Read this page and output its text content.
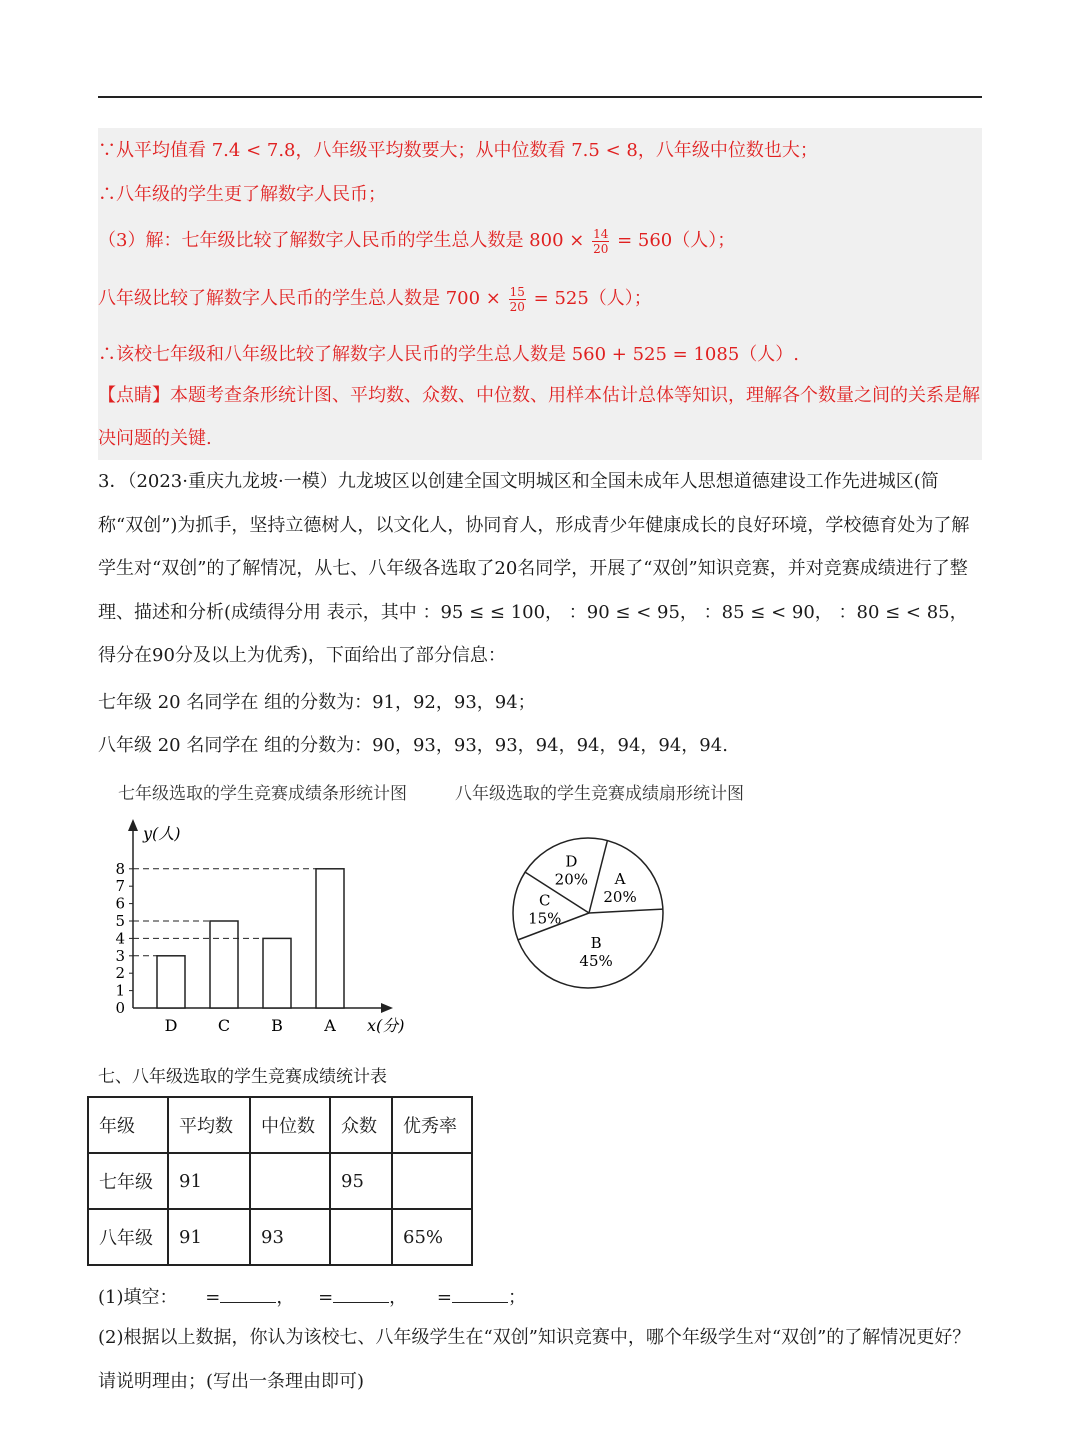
∵从平均值看 7.4 < 7.8，八年级平均数要大；从中位数看 7.5 < 8，八年级中位数也大；
∴八年级的学生更了解数字人民币；
（3）解：七年级比较了解数字人民币的学生总人数是 $800 \times \frac{14}{20} = 560$（人）；
八年级比较了解数字人民币的学生总人数是 $700 \times \frac{15}{20} = 525$（人）；
∴该校七年级和八年级比较了解数字人民币的学生总人数是 560 + 525 = 1085（人）.
【点睛】本题考查条形统计图、平均数、众数、中位数、用样本估计总体等知识，理解各个数量之间的关系是解决问题的关键.
3．（2023·重庆九龙坡·一模）九龙坡区以创建全国文明城区和全国未成年人思想道德建设工作先进城区(简称“双创”)为抓手，坚持立德树人，以文化人，协同育人，形成青少年健康成长的良好环境，学校德育处为了解学生对“双创”的了解情况，从七、八年级各选取了20名同学，开展了“双创”知识竞赛，并对竞赛成绩进行了整理、描述和分析(成绩得分用 表示，其中 ：95 ≤ ≤ 100， ：90 ≤ < 95， ：85 ≤ < 90， ：80 ≤ < 85，得分在90分及以上为优秀)，下面给出了部分信息：
七年级 20 名同学在 组的分数为：91，92，93，94；
八年级 20 名同学在 组的分数为：90，93，93，93，94，94，94，94，94.
七年级选取的学生竞赛成绩条形统计图	八年级选取的学生竞赛成绩扇形统计图
y(人)
x(分)
0
1
2
3
4
5
6
7
8
D	C	B	A
A
20%
B
45%
C
15%
D
20%
七、八年级选取的学生竞赛成绩统计表
年级	平均数	中位数	众数	优秀率
七年级	91		95	
八年级	91	93		65%
(1)填空： =	， =	， =	；
(2)根据以上数据，你认为该校七、八年级学生在“双创”知识竞赛中，哪个年级学生对“双创”的了解情况更好？请说明理由；(写出一条理由即可)
